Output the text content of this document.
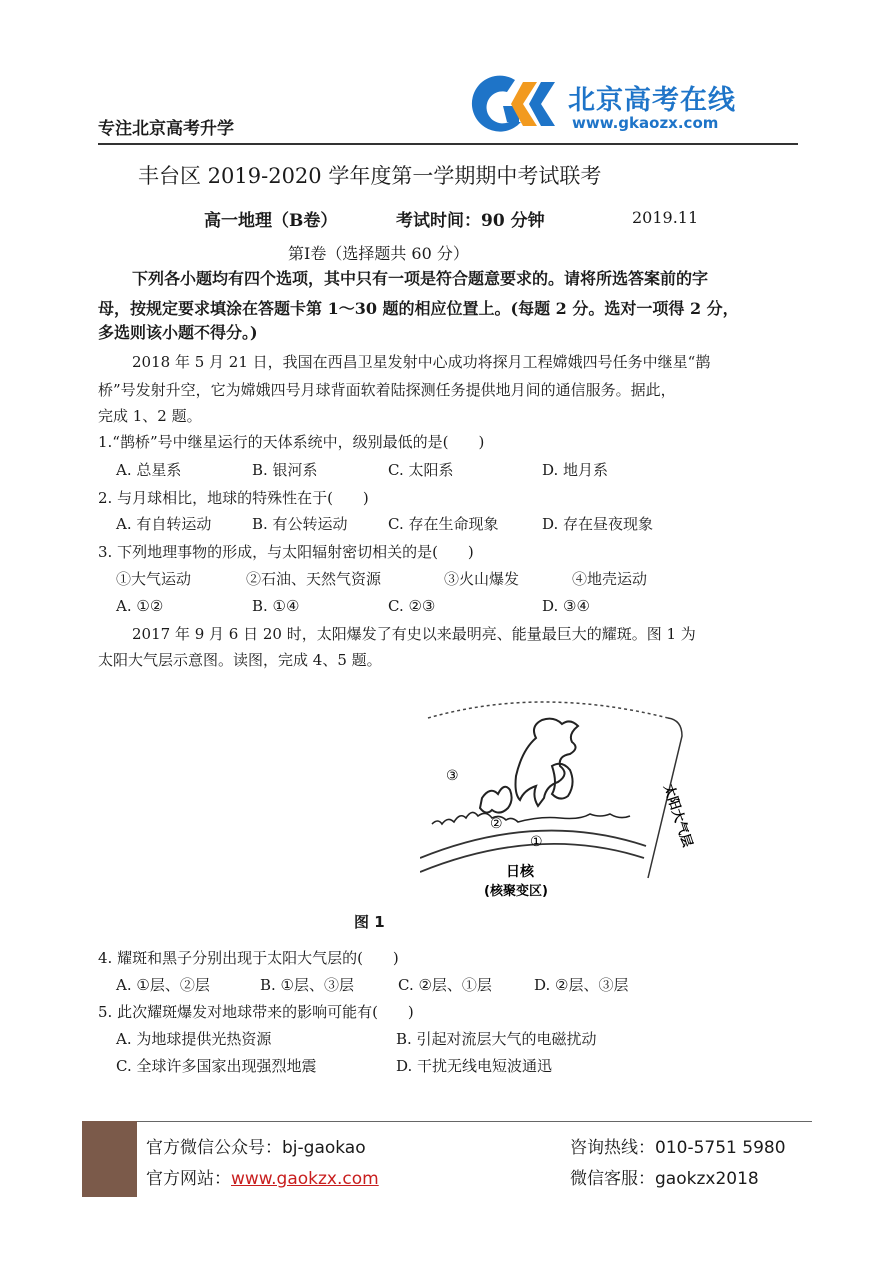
专注北京高考升学
北京高考在线
www.gkaozx.com
丰台区 2019-2020 学年度第一学期期中考试联考
高一地理（B卷）	考试时间：90 分钟	2019.11
第Ⅰ卷（选择题共 60 分）
下列各小题均有四个选项，其中只有一项是符合题意要求的。请将所选答案前的字
母，按规定要求填涂在答题卡第 1～30 题的相应位置上。(每题 2 分。选对一项得 2 分，
多选则该小题不得分。)
2018 年 5 月 21 日，我国在西昌卫星发射中心成功将探月工程嫦娥四号任务中继星“鹊
桥”号发射升空，它为嫦娥四号月球背面软着陆探测任务提供地月间的通信服务。据此，
完成 1、2 题。
1.“鹊桥”号中继星运行的天体系统中，级别最低的是(　　)
A. 总星系	B. 银河系	C. 太阳系	D. 地月系
2. 与月球相比，地球的特殊性在于(　　)
A. 有自转运动	B. 有公转运动	C. 存在生命现象	D. 存在昼夜现象
3. 下列地理事物的形成，与太阳辐射密切相关的是(　　)
①大气运动	②石油、天然气资源	③火山爆发	④地壳运动
A. ①②	B. ①④	C. ②③	D. ③④
2017 年 9 月 6 日 20 时，太阳爆发了有史以来最明亮、能量最巨大的耀斑。图 1 为
太阳大气层示意图。读图，完成 4、5 题。
③
②
①
日核
(核聚变区)
太阳大气层
图 1
4. 耀斑和黑子分别出现于太阳大气层的(　　)
A. ①层、②层	B. ①层、③层	C. ②层、①层	D. ②层、③层
5. 此次耀斑爆发对地球带来的影响可能有(　　)
A. 为地球提供光热资源	B. 引起对流层大气的电磁扰动
C. 全球许多国家出现强烈地震	D. 干扰无线电短波通迅
官方微信公众号：bj-gaokao
官方网站：www.gaokzx.com
咨询热线：010-5751 5980
微信客服：gaokzx2018
